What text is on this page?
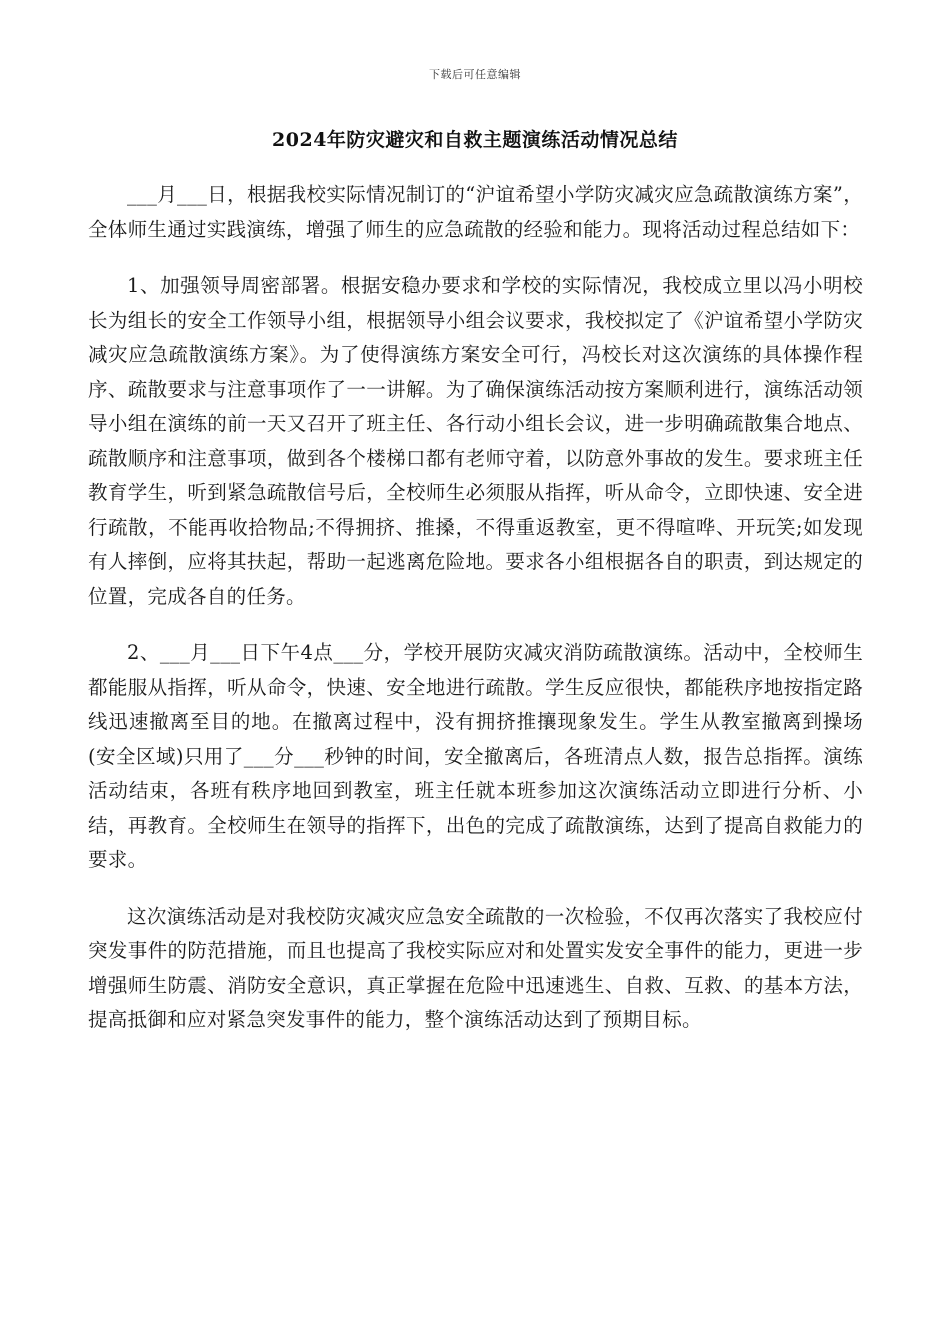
下载后可任意编辑
2024年防灾避灾和自救主题演练活动情况总结

___月___日，根据我校实际情况制订的“沪谊希望小学防灾减灾应急疏散演练方案”，全体师生通过实践演练，增强了师生的应急疏散的经验和能力。现将活动过程总结如下：

1、加强领导周密部署。根据安稳办要求和学校的实际情况，我校成立里以冯小明校长为组长的安全工作领导小组，根据领导小组会议要求，我校拟定了《沪谊希望小学防灾减灾应急疏散演练方案》。为了使得演练方案安全可行，冯校长对这次演练的具体操作程序、疏散要求与注意事项作了一一讲解。为了确保演练活动按方案顺利进行，演练活动领导小组在演练的前一天又召开了班主任、各行动小组长会议，进一步明确疏散集合地点、疏散顺序和注意事项，做到各个楼梯口都有老师守着，以防意外事故的发生。要求班主任教育学生，听到紧急疏散信号后，全校师生必须服从指挥，听从命令，立即快速、安全进行疏散，不能再收拾物品;不得拥挤、推搡，不得重返教室，更不得喧哗、开玩笑;如发现有人摔倒，应将其扶起，帮助一起逃离危险地。要求各小组根据各自的职责，到达规定的位置，完成各自的任务。

2、___月___日下午4点___分，学校开展防灾减灾消防疏散演练。活动中，全校师生都能服从指挥，听从命令，快速、安全地进行疏散。学生反应很快，都能秩序地按指定路线迅速撤离至目的地。在撤离过程中，没有拥挤推攘现象发生。学生从教室撤离到操场(安全区域)只用了___分___秒钟的时间，安全撤离后，各班清点人数，报告总指挥。演练活动结束，各班有秩序地回到教室，班主任就本班参加这次演练活动立即进行分析、小结，再教育。全校师生在领导的指挥下，出色的完成了疏散演练，达到了提高自救能力的要求。

这次演练活动是对我校防灾减灾应急安全疏散的一次检验，不仅再次落实了我校应付突发事件的防范措施，而且也提高了我校实际应对和处置实发安全事件的能力，更进一步增强师生防震、消防安全意识，真正掌握在危险中迅速逃生、自救、互救、的基本方法，提高抵御和应对紧急突发事件的能力，整个演练活动达到了预期目标。
